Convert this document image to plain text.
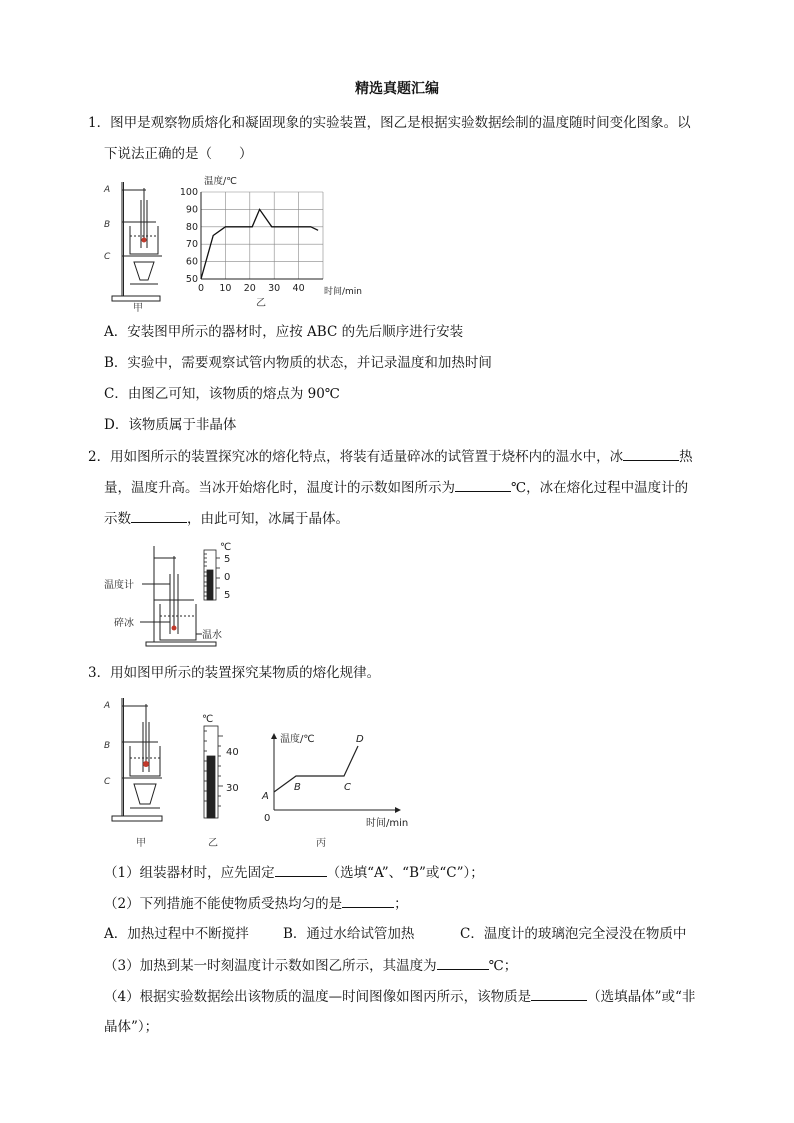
精选真题汇编
1．图甲是观察物质熔化和凝固现象的实验装置，图乙是根据实验数据绘制的温度随时间变化图象。以
下说法正确的是（　　）
A
B
C
甲
50
60
70
80
90
100
0 10 20 30 40
温度/℃
时间/min
乙
A．安装图甲所示的器材时，应按 ABC 的先后顺序进行安装
B．实验中，需要观察试管内物质的状态，并记录温度和加热时间
C．由图乙可知，该物质的熔点为 90℃
D．该物质属于非晶体
2．用如图所示的装置探究冰的熔化特点，将装有适量碎冰的试管置于烧杯内的温水中，冰	热
量，温度升高。当冰开始熔化时，温度计的示数如图所示为	℃，冰在熔化过程中温度计的
示数	，由此可知，冰属于晶体。
温度计
碎冰
温水
℃
5
0
5
3．用如图甲所示的装置探究某物质的熔化规律。
A
B
C
甲
℃
40
30
乙
温度/℃
时间/min
0
A
B	C
D
丙
（1）组装器材时，应先固定	（选填“A”、“B”或“C”）；
（2）下列措施不能使物质受热均匀的是	；
A．加热过程中不断搅拌	B．通过水给试管加热	C．温度计的玻璃泡完全浸没在物质中
（3）加热到某一时刻温度计示数如图乙所示，其温度为	℃；
（4）根据实验数据绘出该物质的温度—时间图像如图丙所示，该物质是	（选填晶体”或“非
晶体”）；
